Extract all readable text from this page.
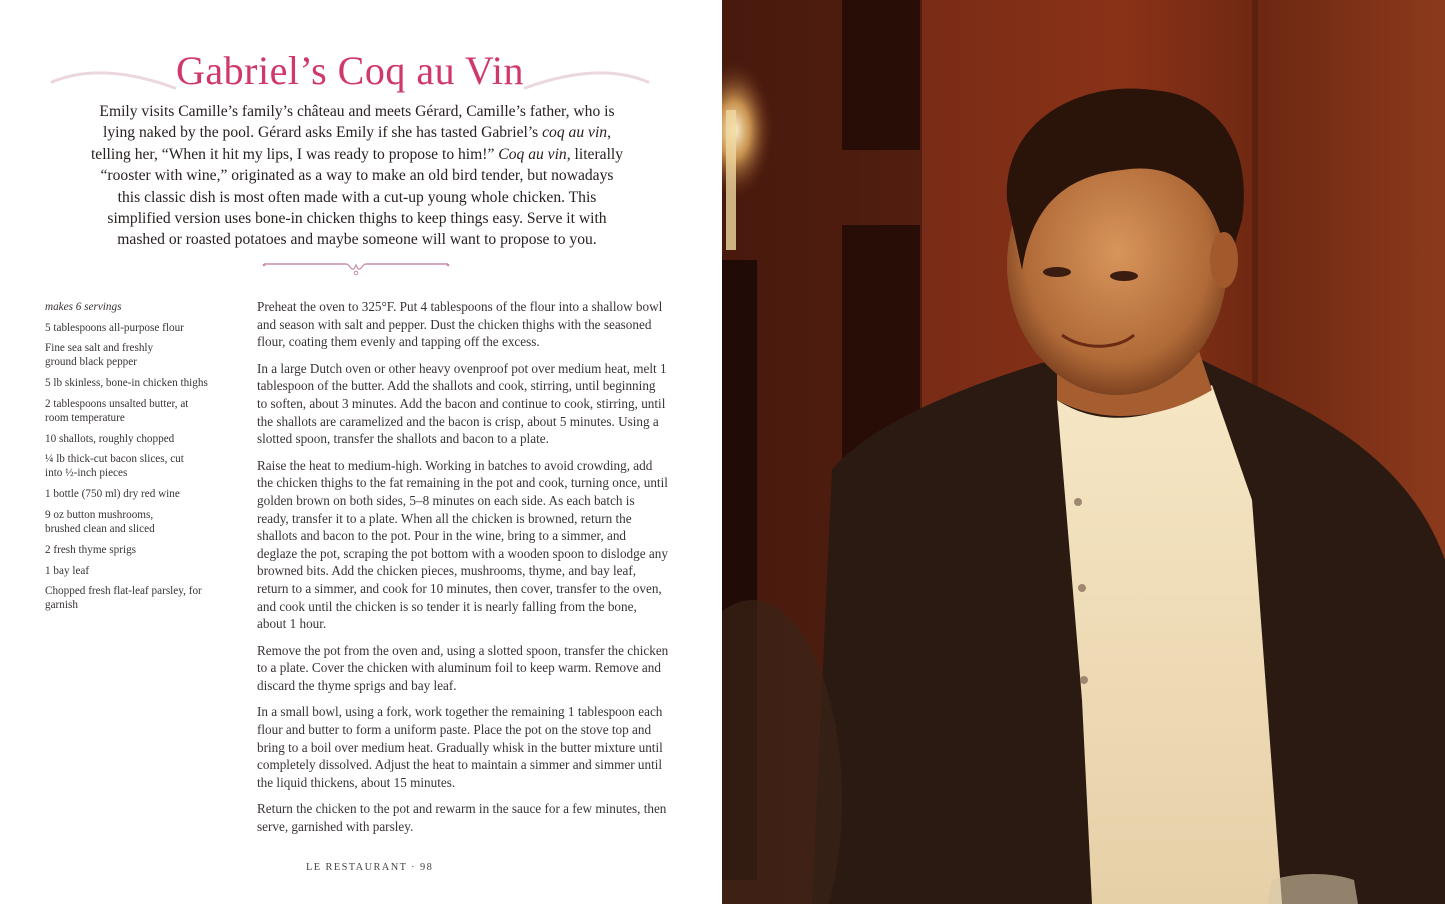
Gabriel’s Coq au Vin

Emily visits Camille’s family’s château and meets Gérard, Camille’s father, who is lying naked by the pool. Gérard asks Emily if she has tasted Gabriel’s coq au vin, telling her, “When it hit my lips, I was ready to propose to him!” Coq au vin, literally “rooster with wine,” originated as a way to make an old bird tender, but nowadays this classic dish is most often made with a cut-up young whole chicken. This simplified version uses bone-in chicken thighs to keep things easy. Serve it with mashed or roasted potatoes and maybe someone will want to propose to you.

makes 6 servings
5 tablespoons all-purpose flour
Fine sea salt and freshly ground black pepper
5 lb skinless, bone-in chicken thighs
2 tablespoons unsalted butter, at room temperature
10 shallots, roughly chopped
¼ lb thick-cut bacon slices, cut into ½-inch pieces
1 bottle (750 ml) dry red wine
9 oz button mushrooms, brushed clean and sliced
2 fresh thyme sprigs
1 bay leaf
Chopped fresh flat-leaf parsley, for garnish

Preheat the oven to 325°F. Put 4 tablespoons of the flour into a shallow bowl and season with salt and pepper. Dust the chicken thighs with the seasoned flour, coating them evenly and tapping off the excess.

In a large Dutch oven or other heavy ovenproof pot over medium heat, melt 1 tablespoon of the butter. Add the shallots and cook, stirring, until beginning to soften, about 3 minutes. Add the bacon and continue to cook, stirring, until the shallots are caramelized and the bacon is crisp, about 5 minutes. Using a slotted spoon, transfer the shallots and bacon to a plate.

Raise the heat to medium-high. Working in batches to avoid crowding, add the chicken thighs to the fat remaining in the pot and cook, turning once, until golden brown on both sides, 5–8 minutes on each side. As each batch is ready, transfer it to a plate. When all the chicken is browned, return the shallots and bacon to the pot. Pour in the wine, bring to a simmer, and deglaze the pot, scraping the pot bottom with a wooden spoon to dislodge any browned bits. Add the chicken pieces, mushrooms, thyme, and bay leaf, return to a simmer, and cook for 10 minutes, then cover, transfer to the oven, and cook until the chicken is so tender it is nearly falling from the bone, about 1 hour.

Remove the pot from the oven and, using a slotted spoon, transfer the chicken to a plate. Cover the chicken with aluminum foil to keep warm. Remove and discard the thyme sprigs and bay leaf.

In a small bowl, using a fork, work together the remaining 1 tablespoon each flour and butter to form a uniform paste. Place the pot on the stove top and bring to a boil over medium heat. Gradually whisk in the butter mixture until completely dissolved. Adjust the heat to maintain a simmer and simmer until the liquid thickens, about 15 minutes.

Return the chicken to the pot and rewarm in the sauce for a few minutes, then serve, garnished with parsley.

LE RESTAURANT · 98
